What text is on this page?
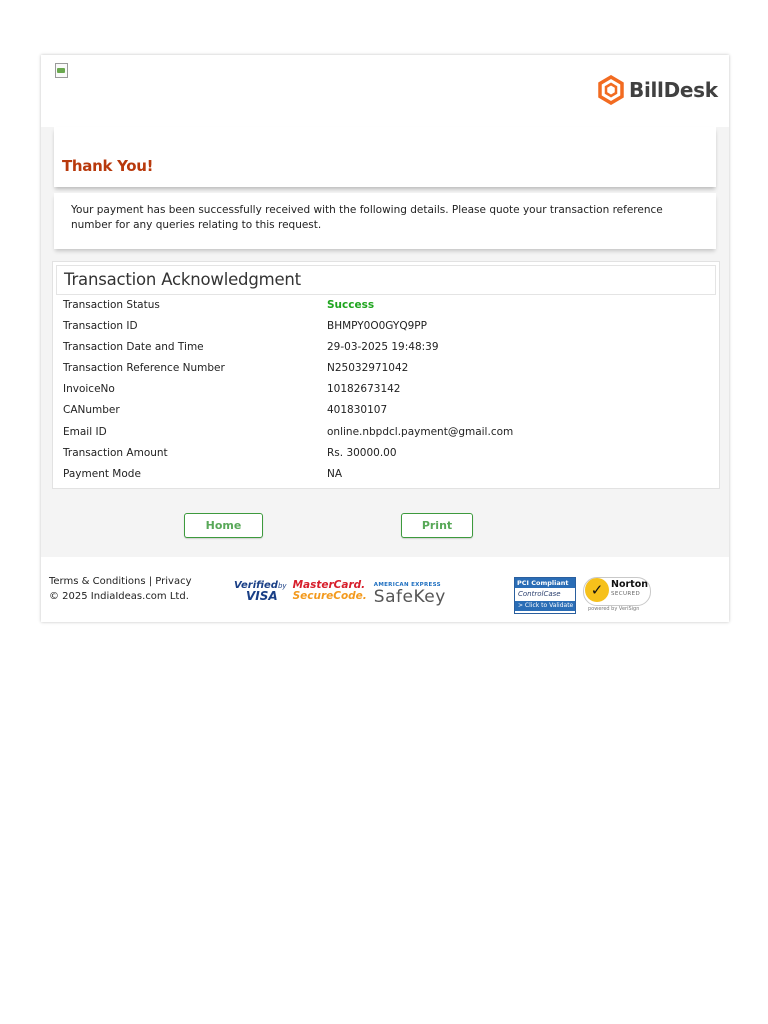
BillDesk
Thank You!
Your payment has been successfully received with the following details. Please quote your transaction reference number for any queries relating to this request.
Transaction Acknowledgment
Transaction Status	Success
Transaction ID	BHMPY0O0GYQ9PP
Transaction Date and Time	29-03-2025 19:48:39
Transaction Reference Number	N25032971042
InvoiceNo	10182673142
CANumber	401830107
Email ID	online.nbpdcl.payment@gmail.com
Transaction Amount	Rs. 30000.00
Payment Mode	NA
Home	Print
Terms & Conditions | Privacy
© 2025 IndiaIdeas.com Ltd.
Verifiedby
VISA
MasterCard.
SecureCode.
AMERICAN EXPRESS
SafeKey
PCI Compliant
ControlCase
> Click to Validate
✓ Norton
SECURED
powered by VeriSign
